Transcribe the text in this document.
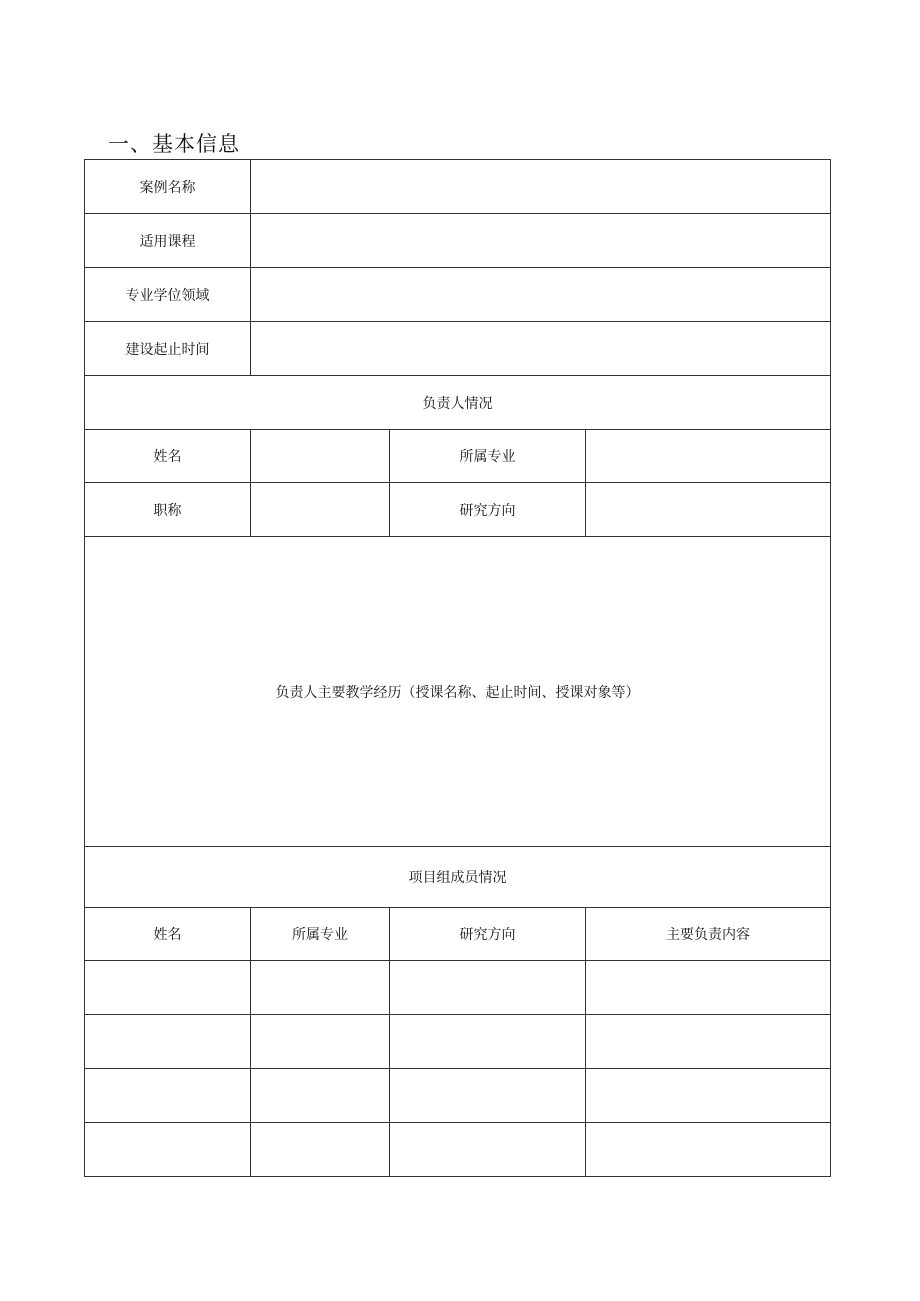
一、基本信息
案例名称			
适用课程			
专业学位领域			
建设起止时间			
负责人情况			
姓名		所属专业	
职称		研究方向	
负责人主要教学经历（授课名称、起止时间、授课对象等）			
项目组成员情况			
姓名	所属专业	研究方向	主要负责内容
